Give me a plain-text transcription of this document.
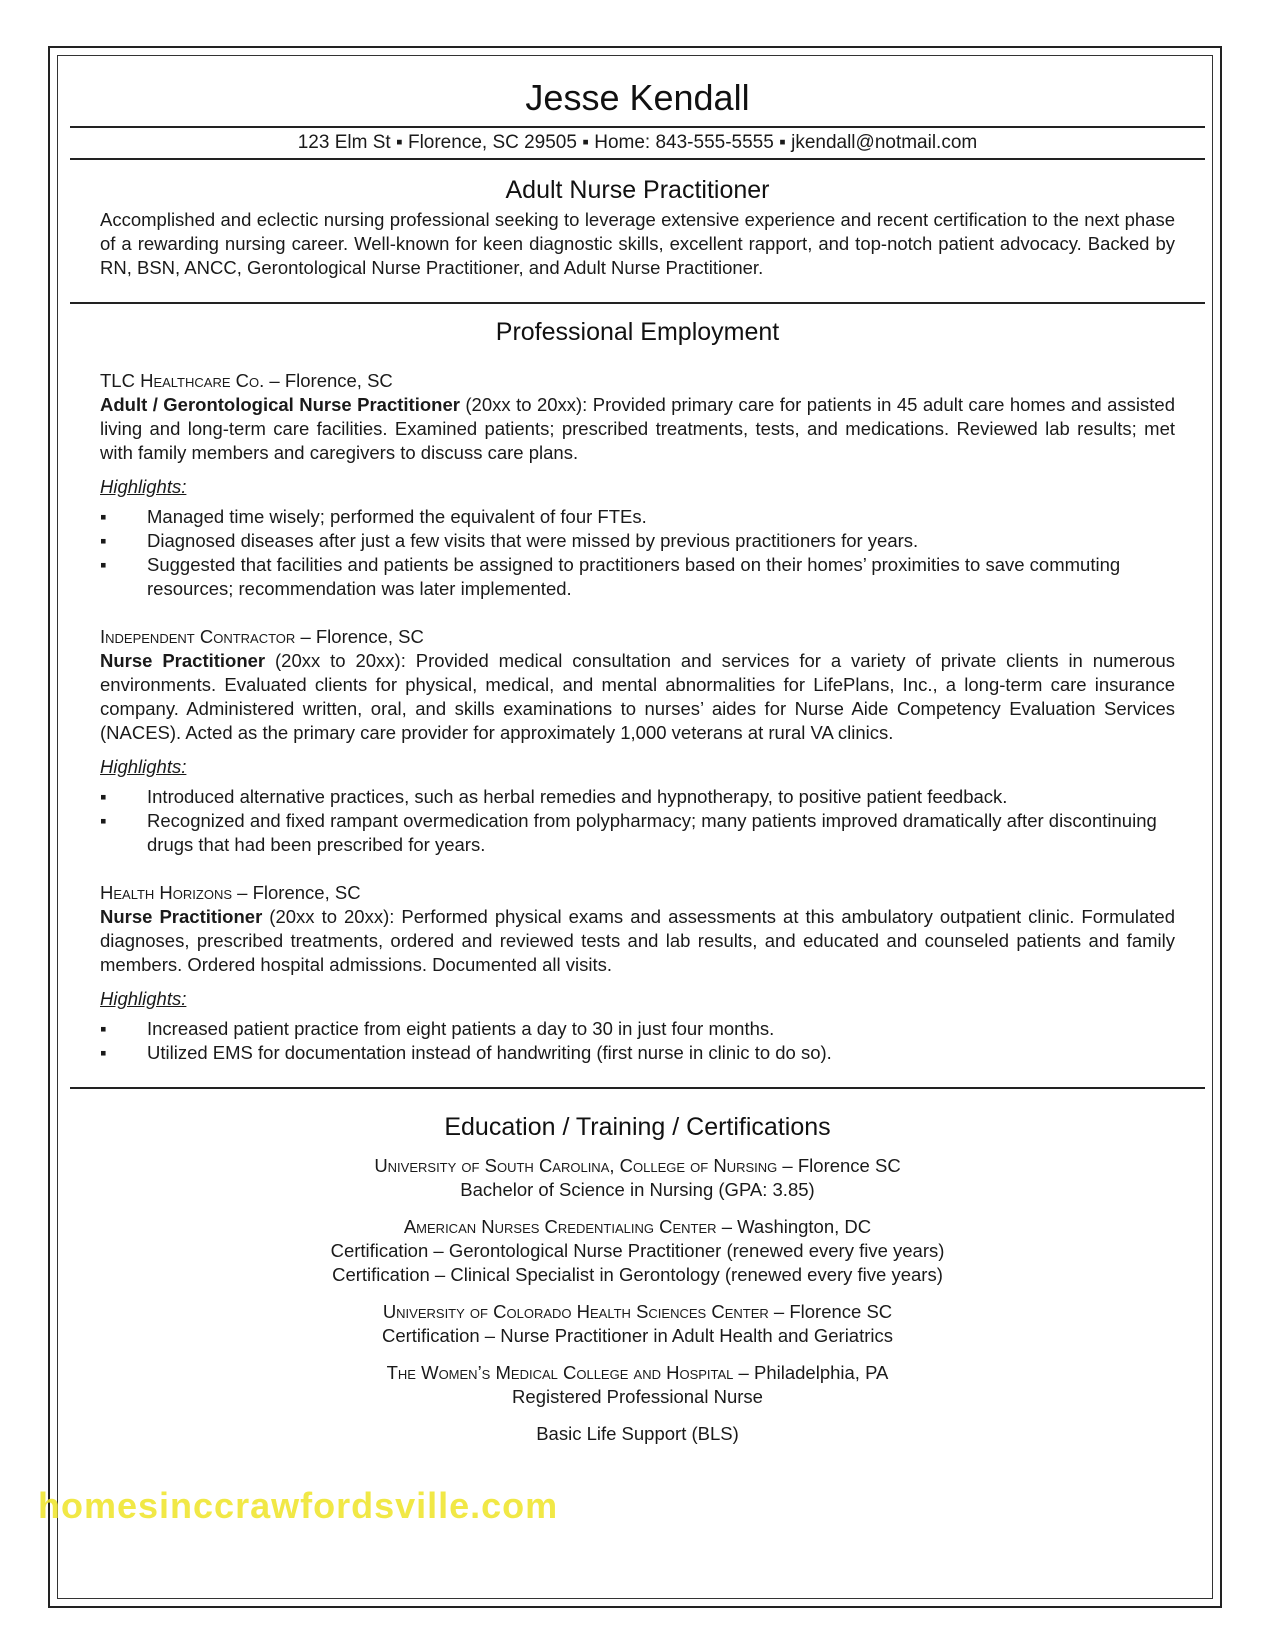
Jesse Kendall
123 Elm St ▪ Florence, SC 29505 ▪ Home: 843-555-5555 ▪ jkendall@notmail.com
Adult Nurse Practitioner

Accomplished and eclectic nursing professional seeking to leverage extensive experience and recent certification to the next phase of a rewarding nursing career. Well-known for keen diagnostic skills, excellent rapport, and top-notch patient advocacy. Backed by RN, BSN, ANCC, Gerontological Nurse Practitioner, and Adult Nurse Practitioner.

Professional Employment
TLC Healthcare Co. – Florence, SC

Adult / Gerontological Nurse Practitioner (20xx to 20xx): Provided primary care for patients in 45 adult care homes and assisted living and long-term care facilities. Examined patients; prescribed treatments, tests, and medications. Reviewed lab results; met with family members and caregivers to discuss care plans.

Highlights:
▪ Managed time wisely; performed the equivalent of four FTEs.
▪ Diagnosed diseases after just a few visits that were missed by previous practitioners for years.
▪ Suggested that facilities and patients be assigned to practitioners based on their homes’ proximities to save commuting resources; recommendation was later implemented.
Independent Contractor – Florence, SC

Nurse Practitioner (20xx to 20xx): Provided medical consultation and services for a variety of private clients in numerous environments. Evaluated clients for physical, medical, and mental abnormalities for LifePlans, Inc., a long-term care insurance company. Administered written, oral, and skills examinations to nurses’ aides for Nurse Aide Competency Evaluation Services (NACES). Acted as the primary care provider for approximately 1,000 veterans at rural VA clinics.

Highlights:
▪ Introduced alternative practices, such as herbal remedies and hypnotherapy, to positive patient feedback.
▪ Recognized and fixed rampant overmedication from polypharmacy; many patients improved dramatically after discontinuing drugs that had been prescribed for years.
Health Horizons – Florence, SC

Nurse Practitioner (20xx to 20xx): Performed physical exams and assessments at this ambulatory outpatient clinic. Formulated diagnoses, prescribed treatments, ordered and reviewed tests and lab results, and educated and counseled patients and family members. Ordered hospital admissions. Documented all visits.

Highlights:
▪ Increased patient practice from eight patients a day to 30 in just four months.
▪ Utilized EMS for documentation instead of handwriting (first nurse in clinic to do so).
Education / Training / Certifications
University of South Carolina, College of Nursing – Florence SC
Bachelor of Science in Nursing (GPA: 3.85)
American Nurses Credentialing Center – Washington, DC
Certification – Gerontological Nurse Practitioner (renewed every five years)
Certification – Clinical Specialist in Gerontology (renewed every five years)
University of Colorado Health Sciences Center – Florence SC
Certification – Nurse Practitioner in Adult Health and Geriatrics
The Women’s Medical College and Hospital – Philadelphia, PA
Registered Professional Nurse
Basic Life Support (BLS)
homesinccrawfordsville.com
